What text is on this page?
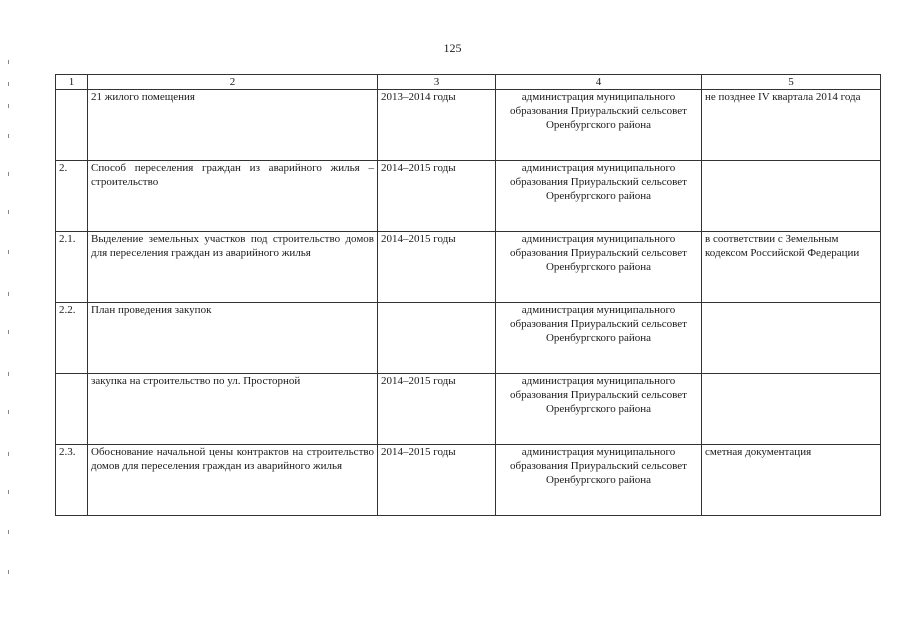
125
1	2	3	4	5
	21 жилого помещения	2013–2014 годы	администрация муниципального образования Приуральский сельсовет Оренбургского района	не позднее IV квартала 2014 года
2.	Способ переселения граждан из аварийного жилья – строительство	2014–2015 годы	администрация муниципального образования Приуральский сельсовет Оренбургского района	
2.1.	Выделение земельных участков под строительство домов для переселения граждан из аварийного жилья	2014–2015 годы	администрация муниципального образования Приуральский сельсовет Оренбургского района	в соответствии с Земельным кодексом Российской Федерации
2.2.	План проведения закупок		администрация муниципального образования Приуральский сельсовет Оренбургского района	
	закупка на строительство по ул. Просторной	2014–2015 годы	администрация муниципального образования Приуральский сельсовет Оренбургского района	
2.3.	Обоснование начальной цены контрактов на строительство домов для переселения граждан из аварийного жилья	2014–2015 годы	администрация муниципального образования Приуральский сельсовет Оренбургского района	сметная документация
